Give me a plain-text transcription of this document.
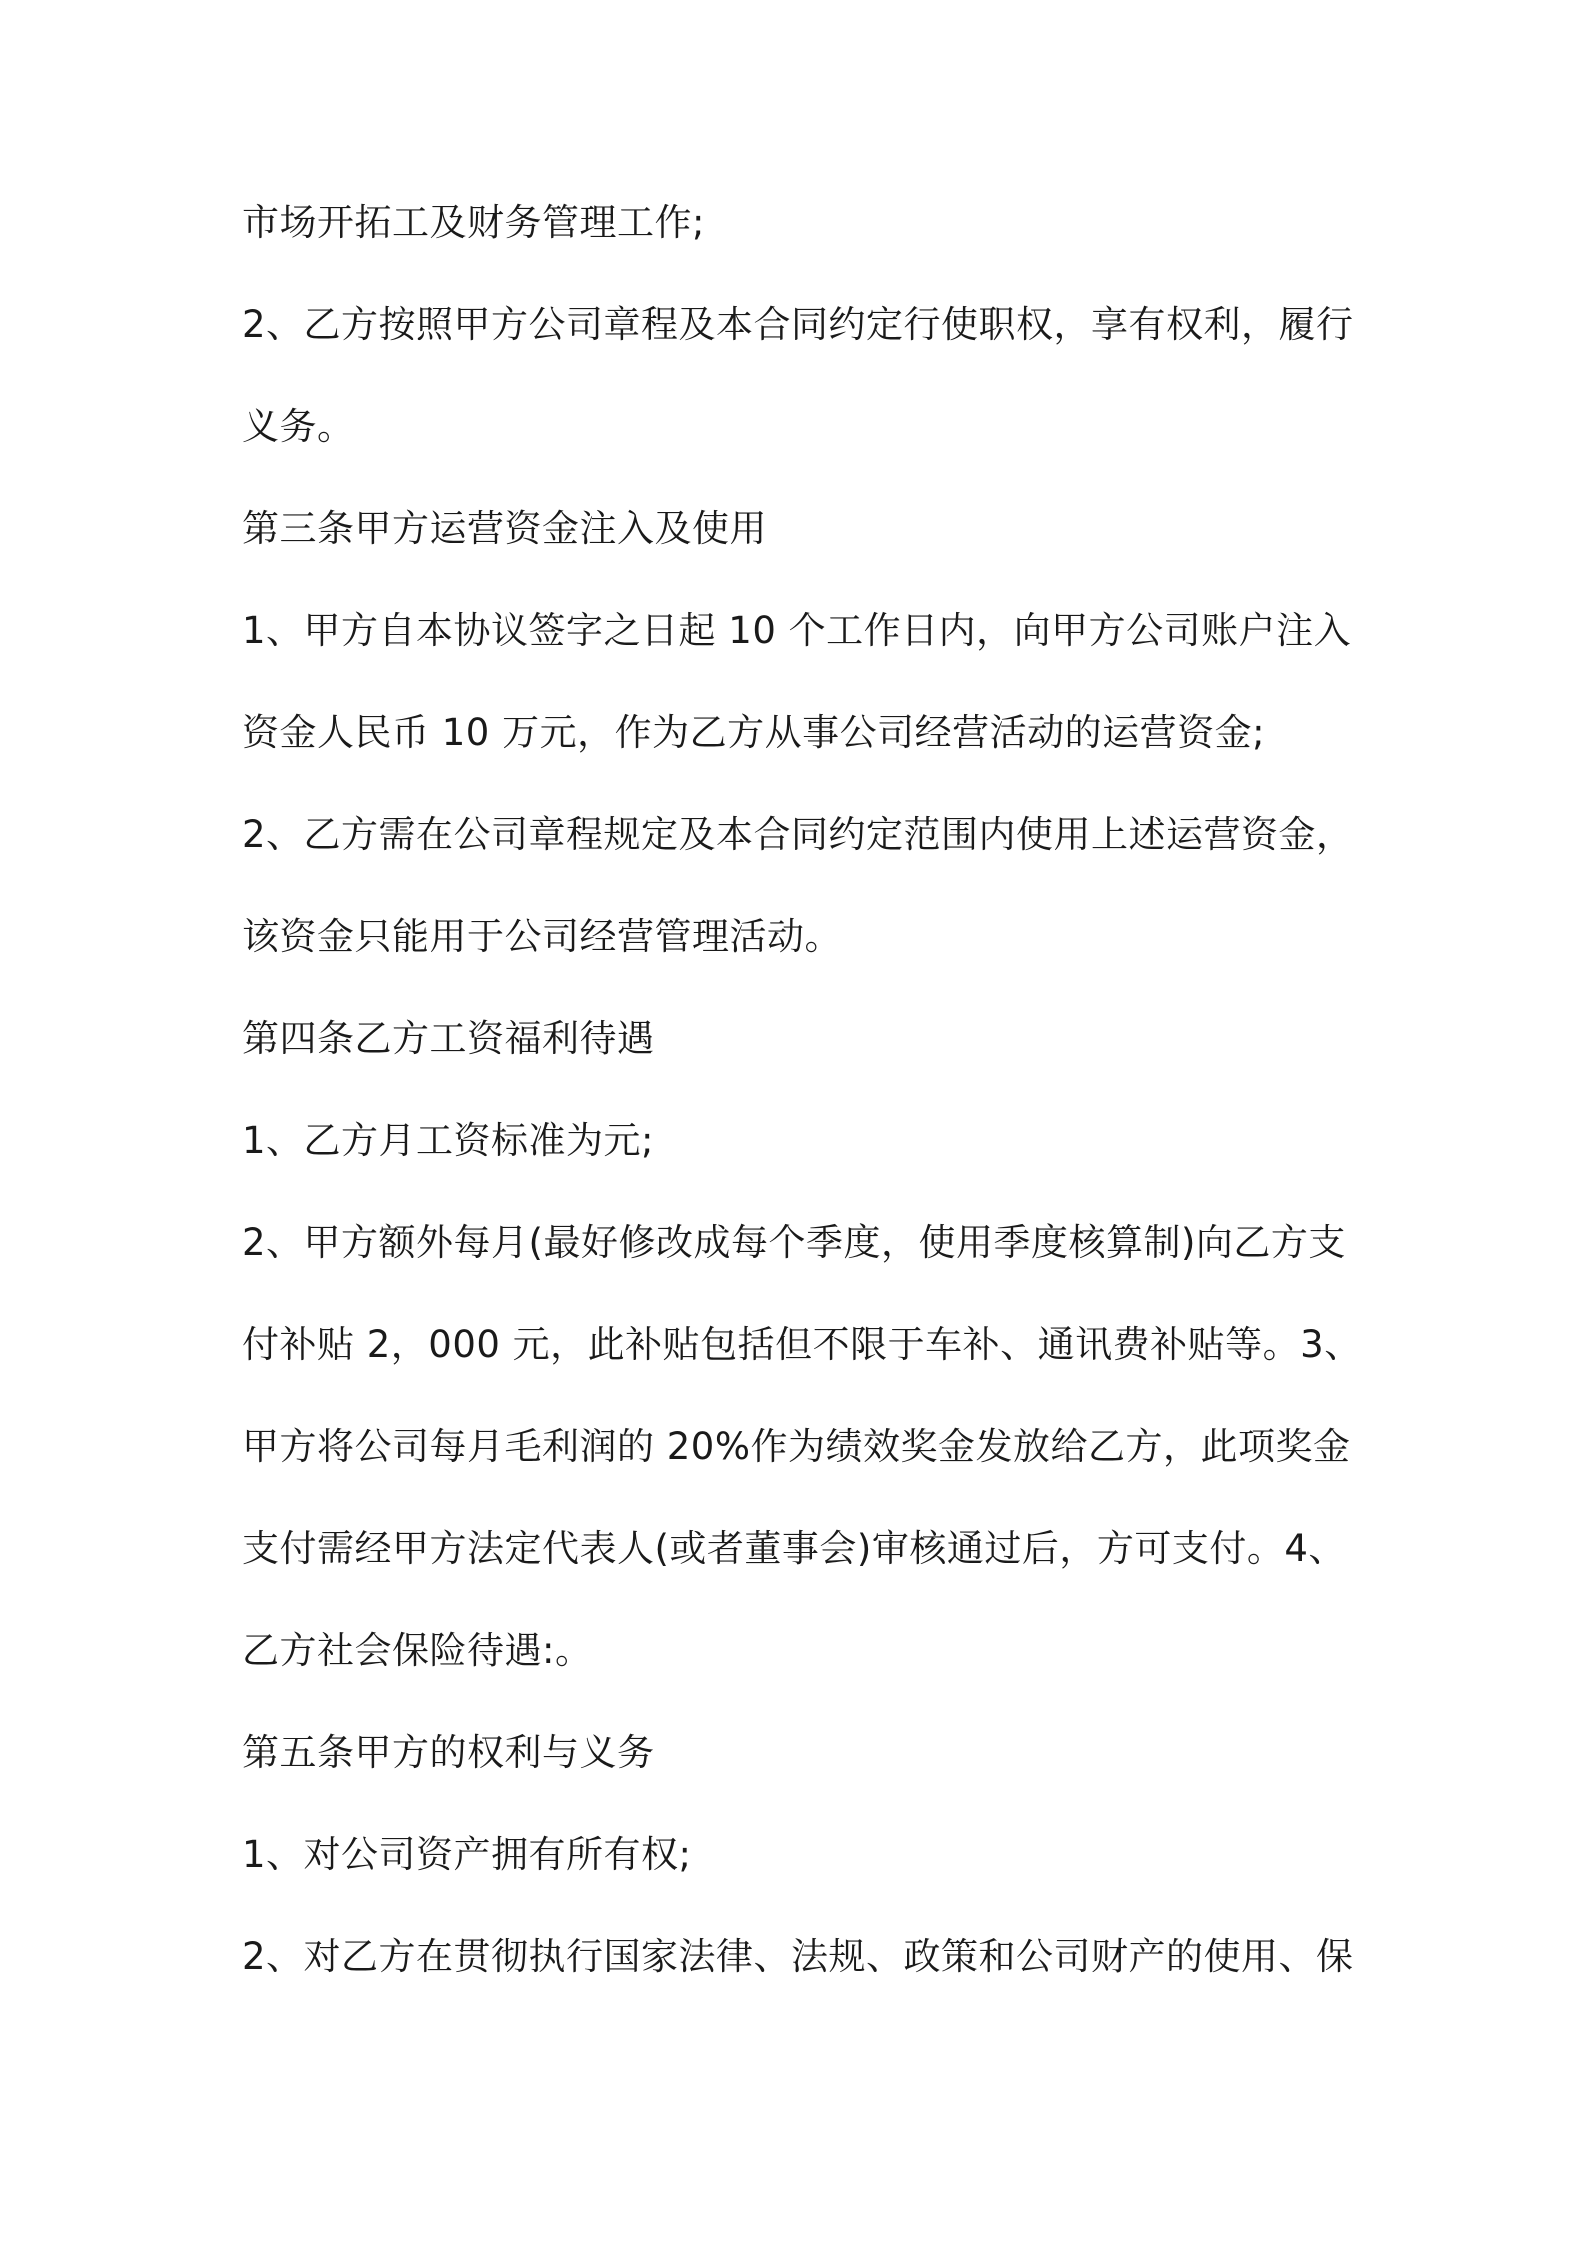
市场开拓工及财务管理工作;
2、乙方按照甲方公司章程及本合同约定行使职权，享有权利，履行
义务。
第三条甲方运营资金注入及使用
1、甲方自本协议签字之日起 10 个工作日内，向甲方公司账户注入
资金人民币 10 万元，作为乙方从事公司经营活动的运营资金;
2、乙方需在公司章程规定及本合同约定范围内使用上述运营资金，
该资金只能用于公司经营管理活动。
第四条乙方工资福利待遇
1、乙方月工资标准为元;
2、甲方额外每月(最好修改成每个季度，使用季度核算制)向乙方支
付补贴 2，000 元，此补贴包括但不限于车补、通讯费补贴等。3、
甲方将公司每月毛利润的 20%作为绩效奖金发放给乙方，此项奖金
支付需经甲方法定代表人(或者董事会)审核通过后，方可支付。4、
乙方社会保险待遇:。
第五条甲方的权利与义务
1、对公司资产拥有所有权;
2、对乙方在贯彻执行国家法律、法规、政策和公司财产的使用、保
